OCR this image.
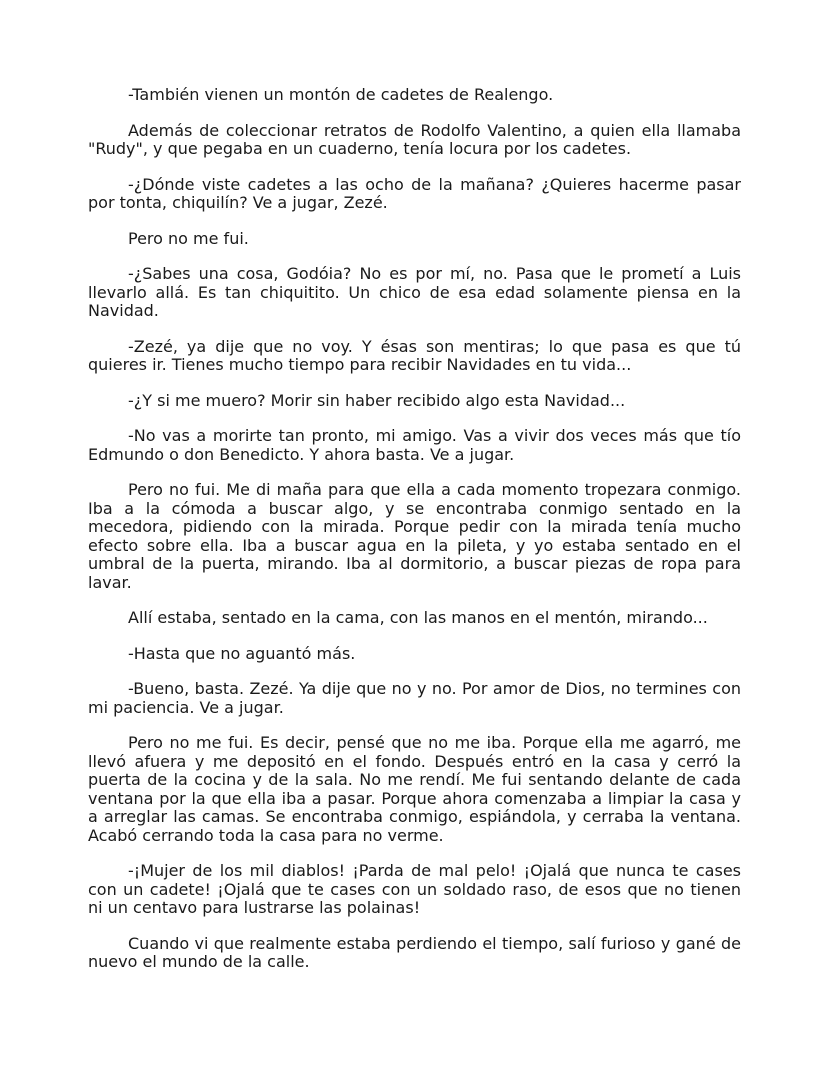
-También vienen un montón de cadetes de Realengo.

Además de coleccionar retratos de Rodolfo Valentino, a quien ella llamaba "Rudy", y que pegaba en un cuaderno, tenía locura por los cadetes.

-¿Dónde viste cadetes a las ocho de la mañana? ¿Quieres hacerme pasar por tonta, chiquilín? Ve a jugar, Zezé.

Pero no me fui.

-¿Sabes una cosa, Godóia? No es por mí, no. Pasa que le prometí a Luis llevarlo allá. Es tan chiquitito. Un chico de esa edad solamente piensa en la Navidad.

-Zezé, ya dije que no voy. Y ésas son mentiras; lo que pasa es que tú quieres ir. Tienes mucho tiempo para recibir Navidades en tu vida...

-¿Y si me muero? Morir sin haber recibido algo esta Navidad...

-No vas a morirte tan pronto, mi amigo. Vas a vivir dos veces más que tío Edmundo o don Benedicto. Y ahora basta. Ve a jugar.

Pero no fui. Me di maña para que ella a cada momento tropezara conmigo. Iba a la cómoda a buscar algo, y se encontraba conmigo sentado en la mecedora, pidiendo con la mirada. Porque pedir con la mirada tenía mucho efecto sobre ella. Iba a buscar agua en la pileta, y yo estaba sentado en el umbral de la puerta, mirando. Iba al dormitorio, a buscar piezas de ropa para lavar.

Allí estaba, sentado en la cama, con las manos en el mentón, mirando...

-Hasta que no aguantó más.

-Bueno, basta. Zezé. Ya dije que no y no. Por amor de Dios, no termines con mi paciencia. Ve a jugar.

Pero no me fui. Es decir, pensé que no me iba. Porque ella me agarró, me llevó afuera y me depositó en el fondo. Después entró en la casa y cerró la puerta de la cocina y de la sala. No me rendí. Me fui sentando delante de cada ventana por la que ella iba a pasar. Porque ahora comenzaba a limpiar la casa y a arreglar las camas. Se encontraba conmigo, espiándola, y cerraba la ventana. Acabó cerrando toda la casa para no verme.

-¡Mujer de los mil diablos! ¡Parda de mal pelo! ¡Ojalá que nunca te cases con un cadete! ¡Ojalá que te cases con un soldado raso, de esos que no tienen ni un centavo para lustrarse las polainas!

Cuando vi que realmente estaba perdiendo el tiempo, salí furioso y gané de nuevo el mundo de la calle.
